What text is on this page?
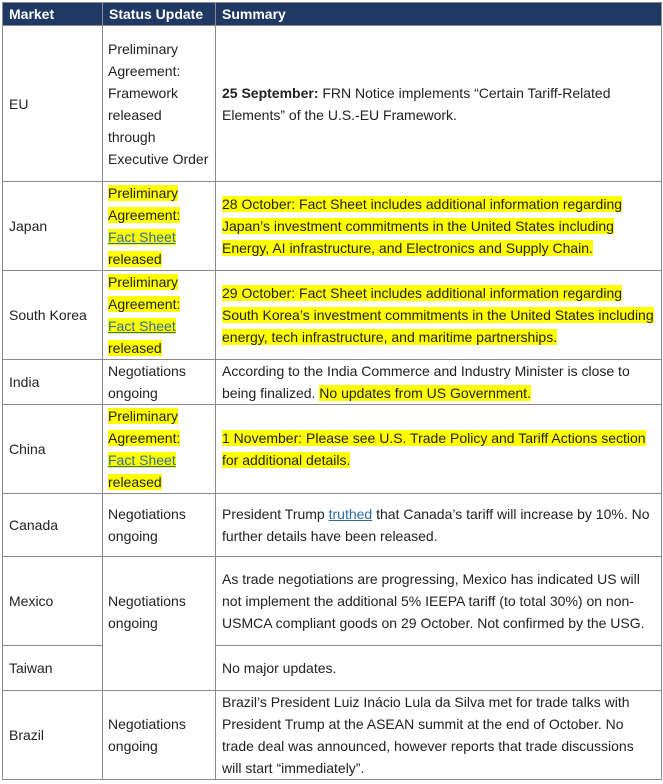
Market	Status Update	Summary
EU	Preliminary Agreement: Framework released through Executive Order	25 September: FRN Notice implements “Certain Tariff-Related Elements” of the U.S.-EU Framework.
Japan	Preliminary Agreement: Fact Sheet released	28 October: Fact Sheet includes additional information regarding Japan’s investment commitments in the United States including Energy, AI infrastructure, and Electronics and Supply Chain.
South Korea	Preliminary Agreement: Fact Sheet released	29 October: Fact Sheet includes additional information regarding South Korea’s investment commitments in the United States including energy, tech infrastructure, and maritime partnerships.
India	Negotiations ongoing	According to the India Commerce and Industry Minister is close to being finalized. No updates from US Government.
China	Preliminary Agreement: Fact Sheet released	1 November: Please see U.S. Trade Policy and Tariff Actions section for additional details.
Canada	Negotiations ongoing	President Trump truthed that Canada’s tariff will increase by 10%. No further details have been released.
Mexico	Negotiations ongoing	As trade negotiations are progressing, Mexico has indicated US will not implement the additional 5% IEEPA tariff (to total 30%) on non-USMCA compliant goods on 29 October. Not confirmed by the USG.
Taiwan		No major updates.
Brazil	Negotiations ongoing	Brazil’s President Luiz Inácio Lula da Silva met for trade talks with President Trump at the ASEAN summit at the end of October. No trade deal was announced, however reports that trade discussions will start “immediately”.
